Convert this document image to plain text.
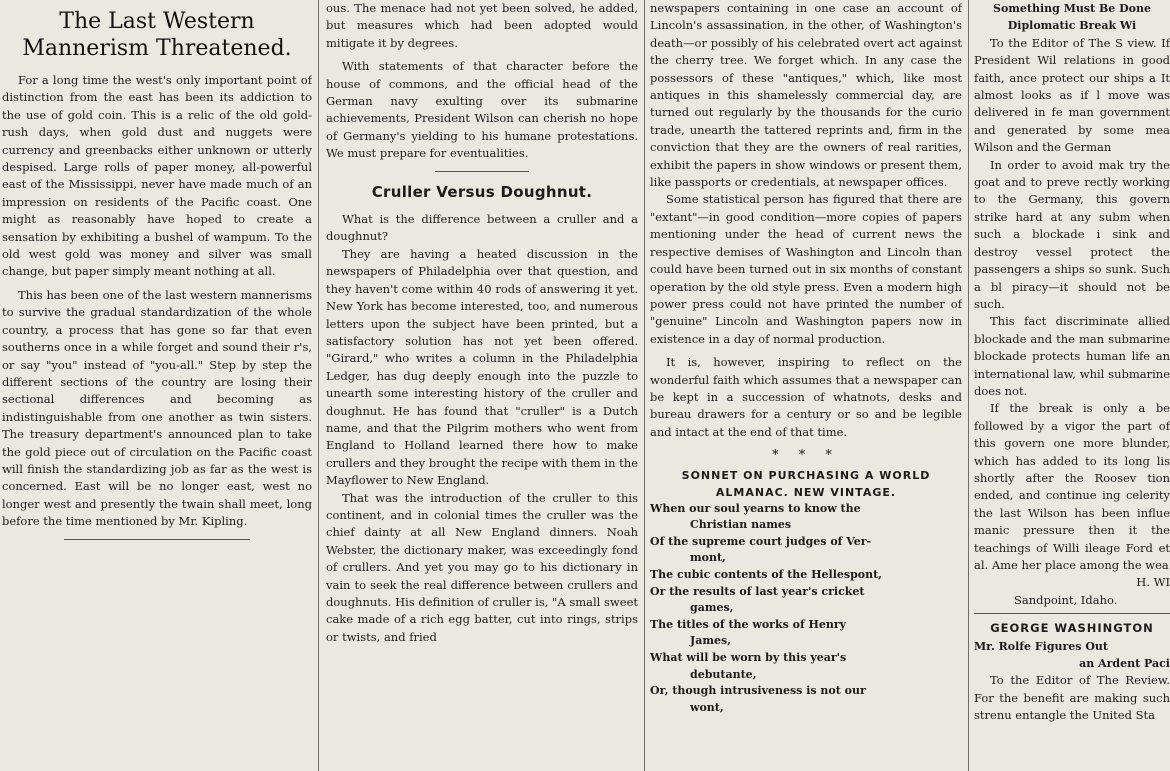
The Last Western Mannerism Threatened.

For a long time the west's only important point of distinction from the east has been its addiction to the use of gold coin. This is a relic of the old gold-rush days, when gold dust and nuggets were currency and greenbacks either unknown or utterly despised. Large rolls of paper money, all-powerful east of the Mississippi, never have made much of an impression on residents of the Pacific coast. One might as reasonably have hoped to create a sensation by exhibiting a bushel of wampum. To the old west gold was money and silver was small change, but paper simply meant nothing at all.

This has been one of the last western mannerisms to survive the gradual standardization of the whole country, a process that has gone so far that even southerns once in a while forget and sound their r's, or say "you" instead of "you-all." Step by step the different sections of the country are losing their sectional differences and becoming as indistinguishable from one another as twin sisters. The treasury department's announced plan to take the gold piece out of circulation on the Pacific coast will finish the standardizing job as far as the west is concerned. East will be no longer east, west no longer west and presently the twain shall meet, long before the time mentioned by Mr. Kipling.

ous. The menace had not yet been solved, he added, but measures which had been adopted would mitigate it by degrees.

With statements of that character before the house of commons, and the official head of the German navy exulting over its submarine achievements, President Wilson can cherish no hope of Germany's yielding to his humane protestations. We must prepare for eventualities.

Cruller Versus Doughnut.

What is the difference between a cruller and a doughnut?

They are having a heated discussion in the newspapers of Philadelphia over that question, and they haven't come within 40 rods of answering it yet. New York has become interested, too, and numerous letters upon the subject have been printed, but a satisfactory solution has not yet been offered. "Girard," who writes a column in the Philadelphia Ledger, has dug deeply enough into the puzzle to unearth some interesting history of the cruller and doughnut. He has found that "cruller" is a Dutch name, and that the Pilgrim mothers who went from England to Holland learned there how to make crullers and they brought the recipe with them in the Mayflower to New England.

That was the introduction of the cruller to this continent, and in colonial times the cruller was the chief dainty at all New England dinners. Noah Webster, the dictionary maker, was exceedingly fond of crullers. And yet you may go to his dictionary in vain to seek the real difference between crullers and doughnuts. His definition of cruller is, "A small sweet cake made of a rich egg batter, cut into rings, strips or twists, and fried

newspapers containing in one case an account of Lincoln's assassination, in the other, of Washington's death—or possibly of his celebrated overt act against the cherry tree. We forget which. In any case the possessors of these "antiques," which, like most antiques in this shamelessly commercial day, are turned out regularly by the thousands for the curio trade, unearth the tattered reprints and, firm in the conviction that they are the owners of real rarities, exhibit the papers in show windows or present them, like passports or credentials, at newspaper offices.

Some statistical person has figured that there are "extant"—in good condition—more copies of papers mentioning under the head of current news the respective demises of Washington and Lincoln than could have been turned out in six months of constant operation by the old style press. Even a modern high power press could not have printed the number of "genuine" Lincoln and Washington papers now in existence in a day of normal production.

It is, however, inspiring to reflect on the wonderful faith which assumes that a newspaper can be kept in a succession of whatnots, desks and bureau drawers for a century or so and be legible and intact at the end of that time.

* * *
SONNET ON PURCHASING A WORLD
ALMANAC. NEW VINTAGE.

When our soul yearns to know the
Christian names

Of the supreme court judges of Ver-
mont,

The cubic contents of the Hellespont,

Or the results of last year's cricket
games,

The titles of the works of Henry
James,

What will be worn by this year's
debutante,

Or, though intrusiveness is not our
wont,

Something Must Be Done
Diplomatic Break Wi

To the Editor of The S view. If President Wil relations in good faith, ance protect our ships a It almost looks as if l move was delivered in fe man government and generated by some mea Wilson and the German

In order to avoid mak try the goat and to preve rectly working to the Germany, this govern strike hard at any subm when such a blockade i sink and destroy vessel protect the passengers a ships so sunk. Such a bl piracy—it should not be such.

This fact discriminate allied blockade and the man submarine blockade protects human life an international law, whil submarine does not.

If the break is only a be followed by a vigor the part of this govern one more blunder, which has added to its long lis shortly after the Roosev tion ended, and continue ing celerity the last Wilson has been influe manic pressure then it the teachings of Willi ileage Ford et al. Ame her place among the wea

H. WI

Sandpoint, Idaho.

GEORGE WASHINGTON

Mr. Rolfe Figures Out

an Ardent Paci

To the Editor of The Review. For the benefit are making such strenu entangle the United Sta
